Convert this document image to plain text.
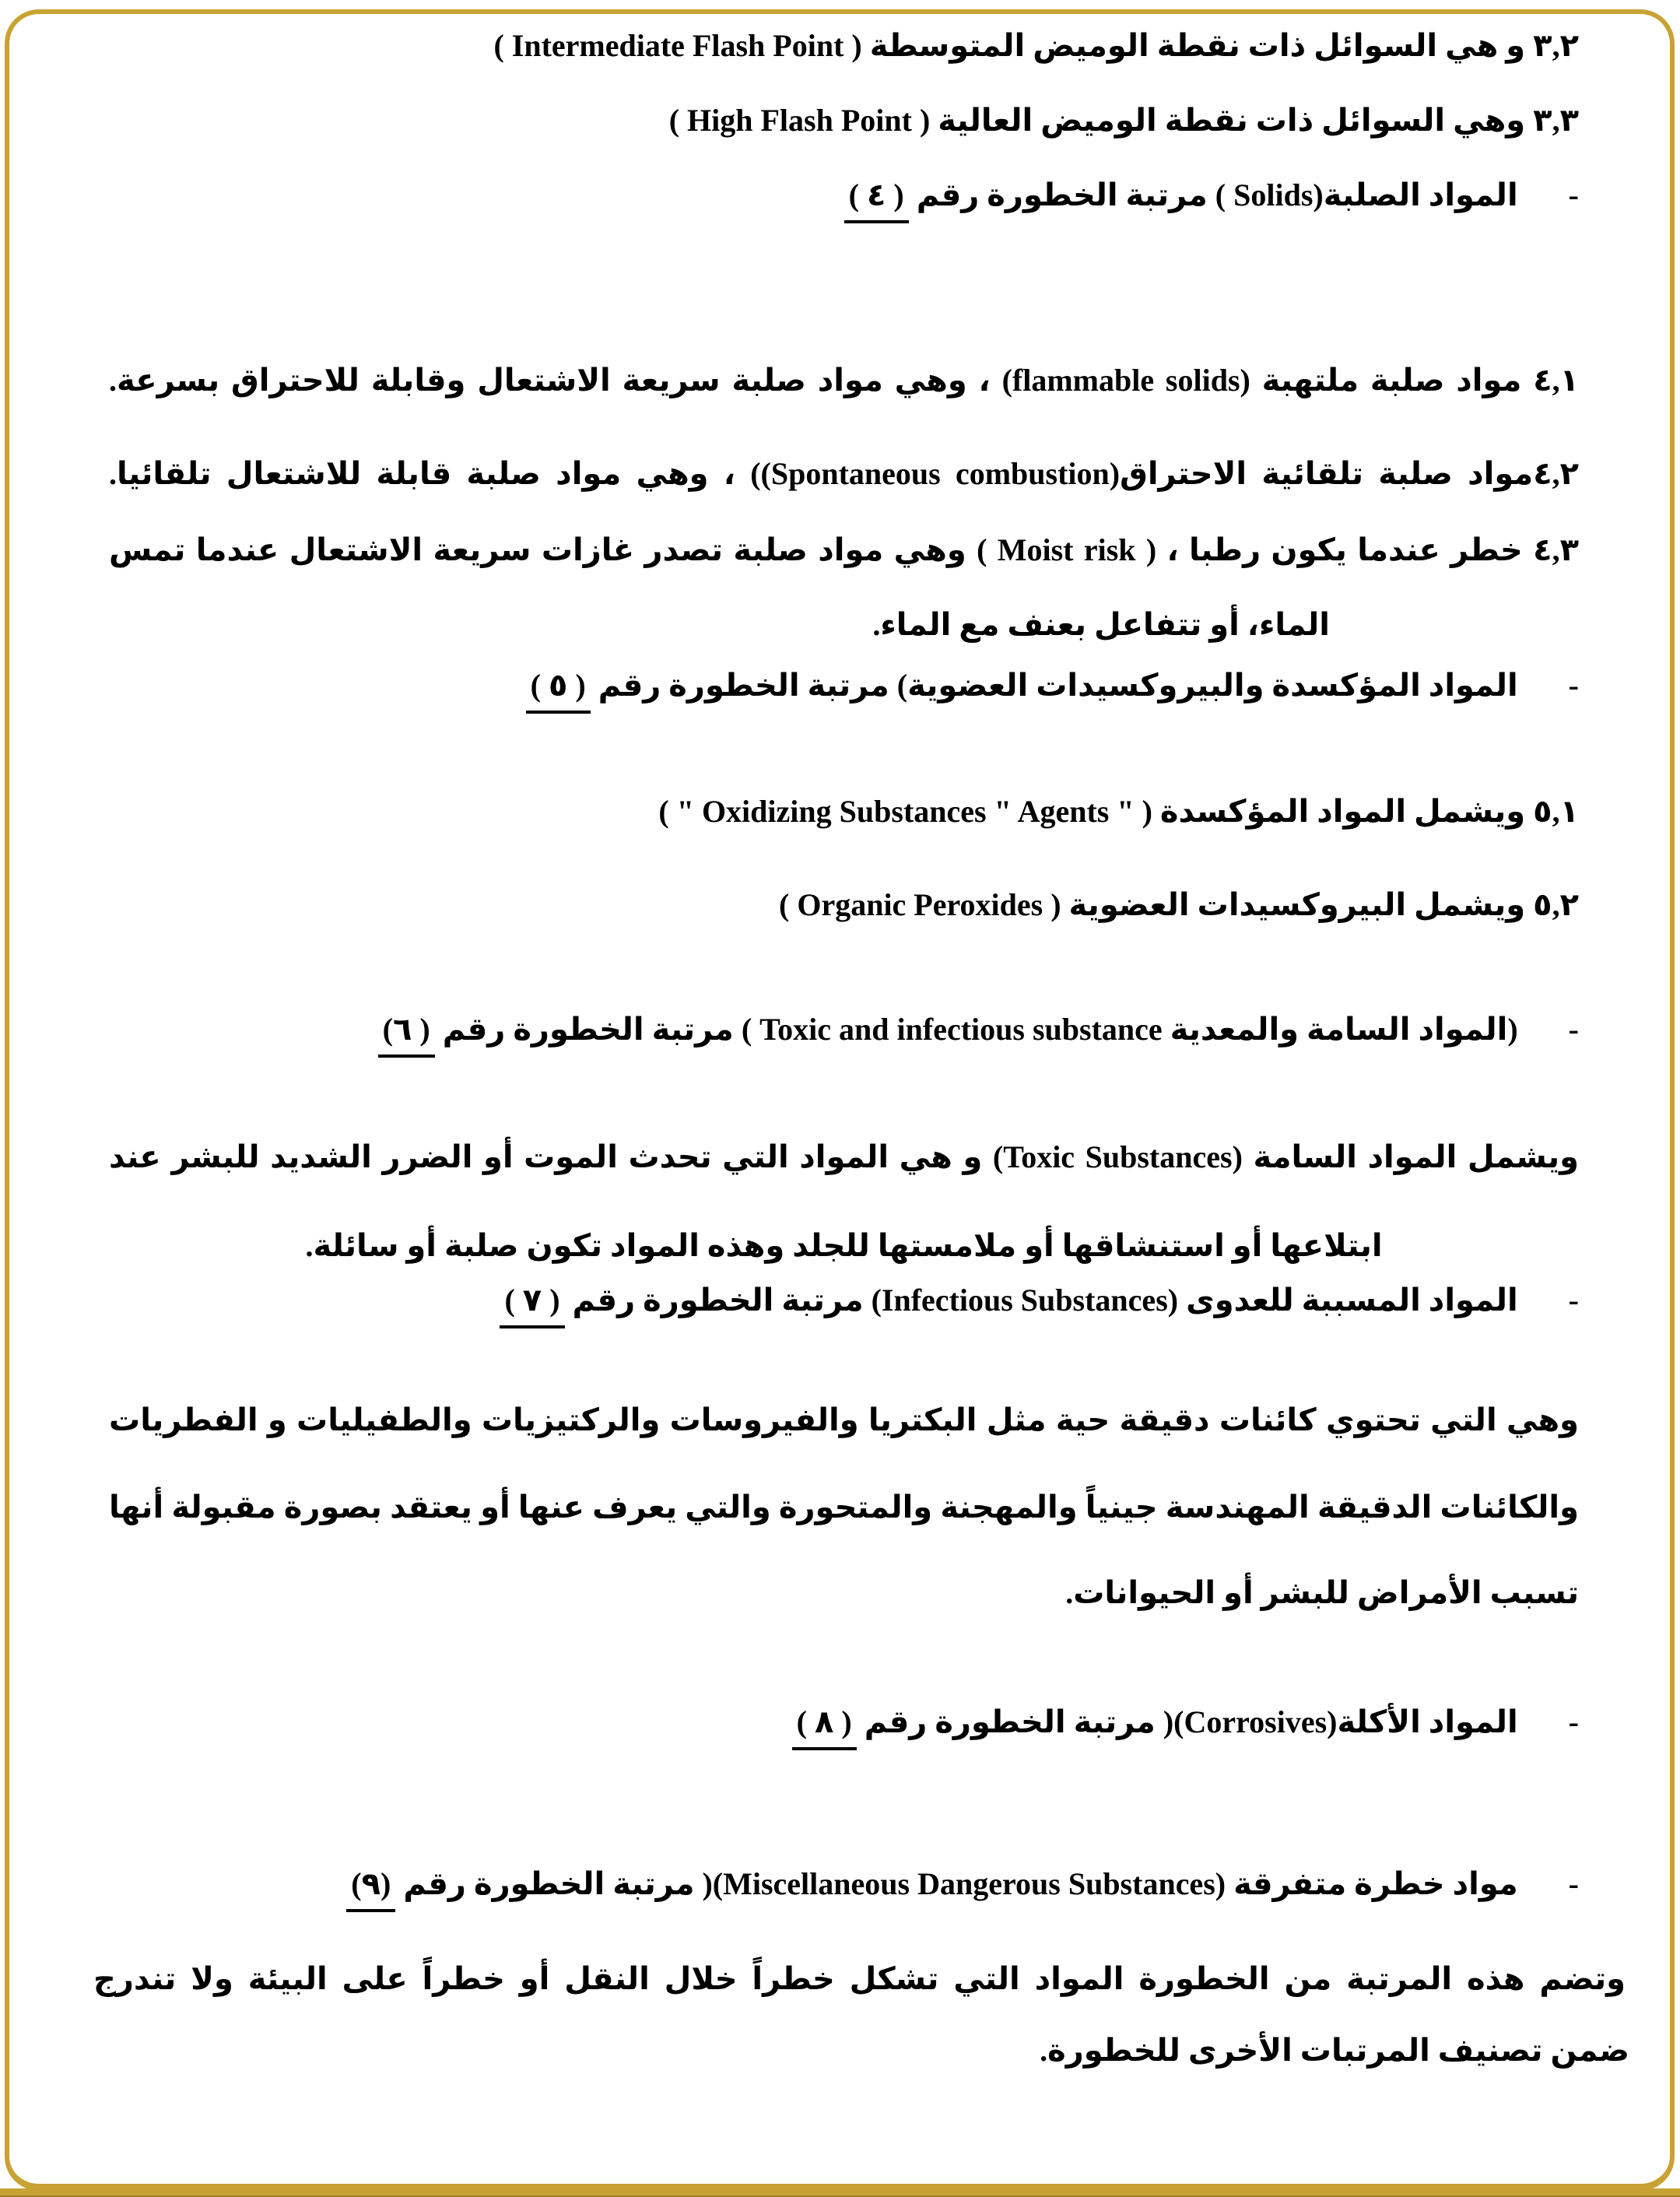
٣,٢ و هي السوائل ذات نقطة الوميض المتوسطة ( Intermediate Flash Point )
٣,٣ وهي السوائل ذات نقطة الوميض العالية ( High Flash Point )
- المواد الصلبة(Solids ) مرتبة الخطورة رقم ( ٤ )
٤,١ مواد صلبة ملتهبة (flammable solids) ، وهي مواد صلبة سريعة الاشتعال وقابلة للاحتراق بسرعة.
٤,٢مواد صلبة تلقائية الاحتراق(Spontaneous combustion)) ، وهي مواد صلبة قابلة للاشتعال تلقائيا.
٤,٣ خطر عندما يكون رطبا ، ( Moist risk ) وهي مواد صلبة تصدر غازات سريعة الاشتعال عندما تمس
الماء، أو تتفاعل بعنف مع الماء.
- المواد المؤكسدة والبيروكسيدات العضوية) مرتبة الخطورة رقم ( ٥ )
٥,١ ويشمل المواد المؤكسدة ( " Oxidizing Substances " Agents " )
٥,٢ ويشمل البيروكسيدات العضوية ( Organic Peroxides )
- (المواد السامة والمعدية Toxic and infectious substance ) مرتبة الخطورة رقم ( ٦)
ويشمل المواد السامة (Toxic Substances) و هي المواد التي تحدث الموت أو الضرر الشديد للبشر عند
ابتلاعها أو استنشاقها أو ملامستها للجلد وهذه المواد تكون صلبة أو سائلة.
- المواد المسببة للعدوى (Infectious Substances) مرتبة الخطورة رقم ( ٧ )
وهي التي تحتوي كائنات دقيقة حية مثل البكتريا والفيروسات والركتيزيات والطفيليات و الفطريات
والكائنات الدقيقة المهندسة جينياً والمهجنة والمتحورة والتي يعرف عنها أو يعتقد بصورة مقبولة أنها
تسبب الأمراض للبشر أو الحيوانات.
- المواد الأكلة(Corrosives)( مرتبة الخطورة رقم ( ٨ )
- مواد خطرة متفرقة (Miscellaneous Dangerous Substances)( مرتبة الخطورة رقم (٩)
وتضم هذه المرتبة من الخطورة المواد التي تشكل خطراً خلال النقل أو خطراً على البيئة ولا تندرج
ضمن تصنيف المرتبات الأخرى للخطورة.
